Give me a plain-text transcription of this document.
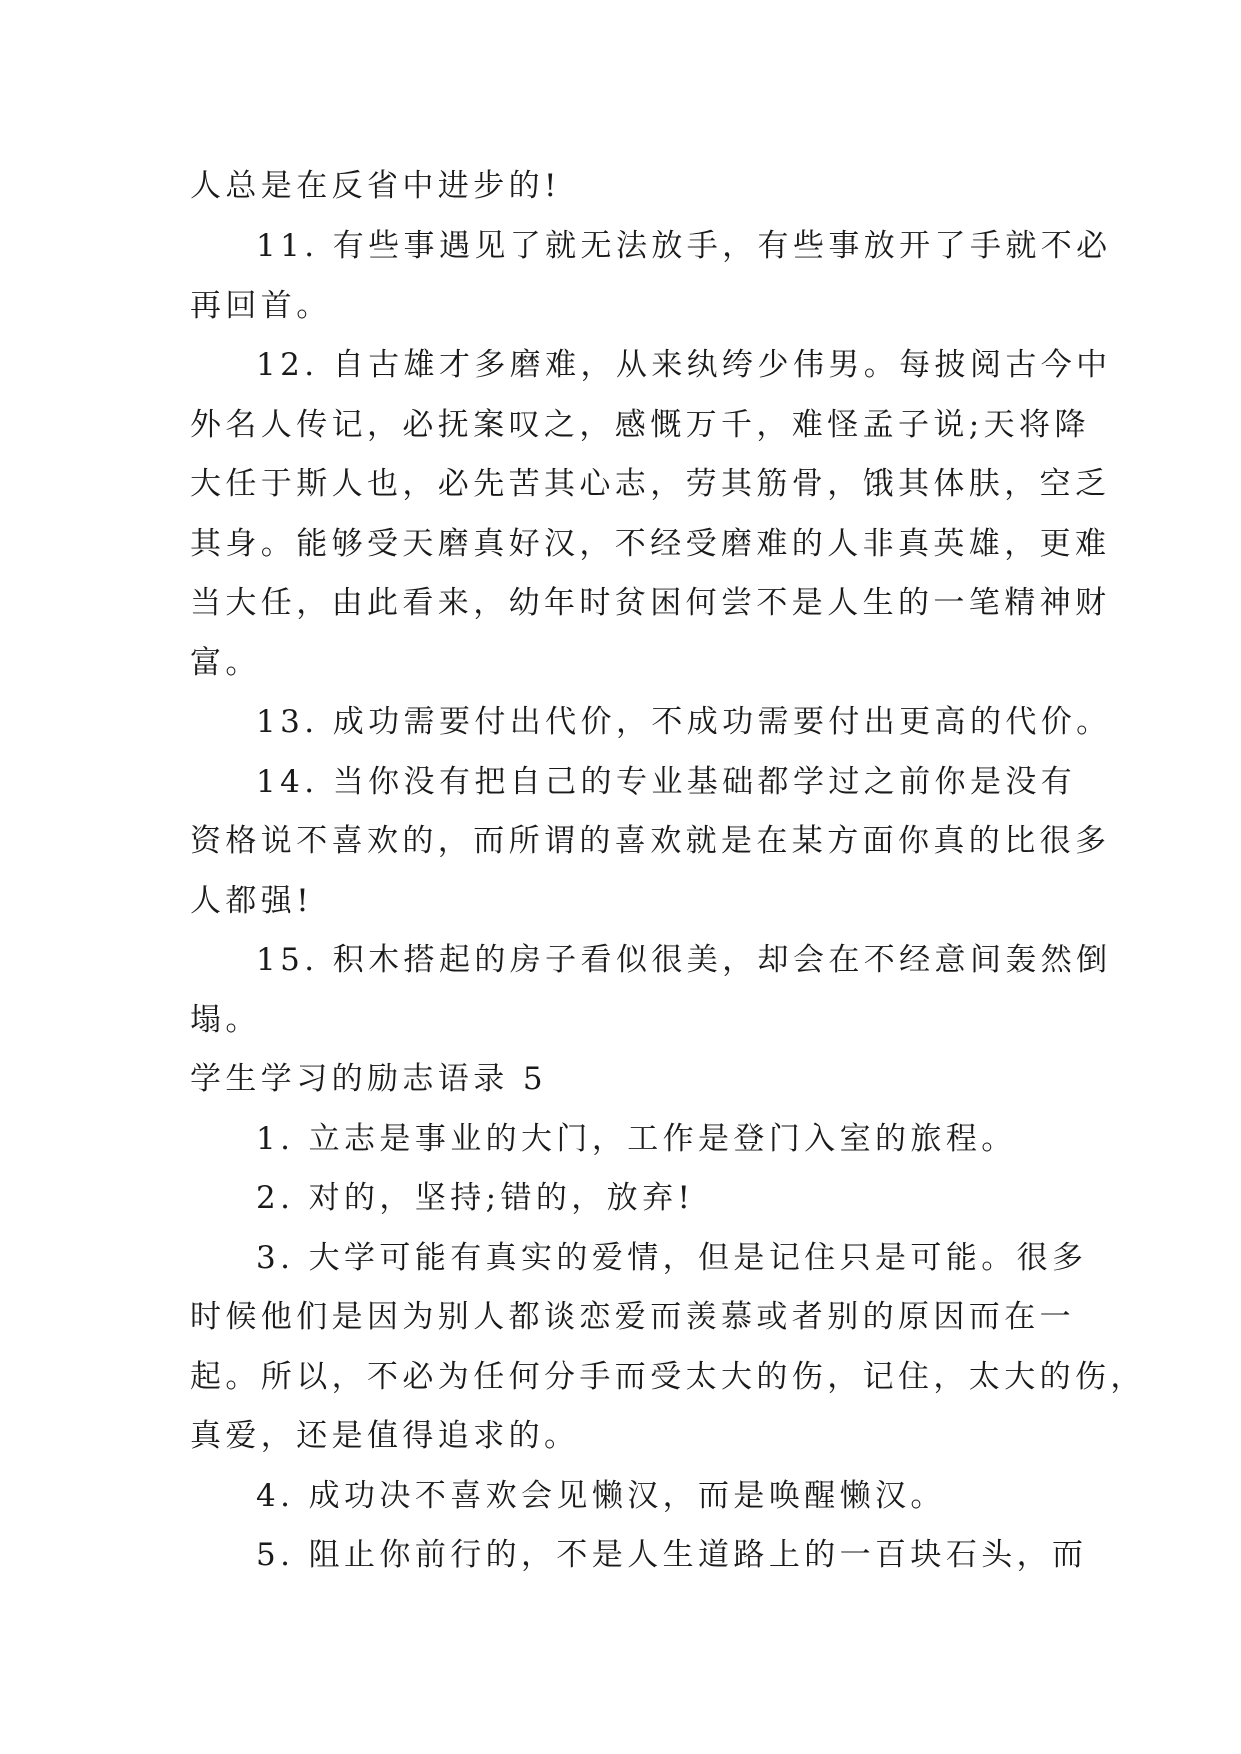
人总是在反省中进步的!
11. 有些事遇见了就无法放手，有些事放开了手就不必
再回首。
12. 自古雄才多磨难，从来纨绔少伟男。每披阅古今中
外名人传记，必抚案叹之，感慨万千，难怪孟子说;天将降
大任于斯人也，必先苦其心志，劳其筋骨，饿其体肤，空乏
其身。能够受天磨真好汉，不经受磨难的人非真英雄，更难
当大任，由此看来，幼年时贫困何尝不是人生的一笔精神财
富。
13. 成功需要付出代价，不成功需要付出更高的代价。
14. 当你没有把自己的专业基础都学过之前你是没有
资格说不喜欢的，而所谓的喜欢就是在某方面你真的比很多
人都强!
15. 积木搭起的房子看似很美，却会在不经意间轰然倒
塌。
学生学习的励志语录 5
1. 立志是事业的大门，工作是登门入室的旅程。
2. 对的，坚持;错的，放弃!
3. 大学可能有真实的爱情，但是记住只是可能。很多
时候他们是因为别人都谈恋爱而羡慕或者别的原因而在一
起。所以，不必为任何分手而受太大的伤，记住，太大的伤，
真爱，还是值得追求的。
4. 成功决不喜欢会见懒汉，而是唤醒懒汉。
5. 阻止你前行的，不是人生道路上的一百块石头，而
